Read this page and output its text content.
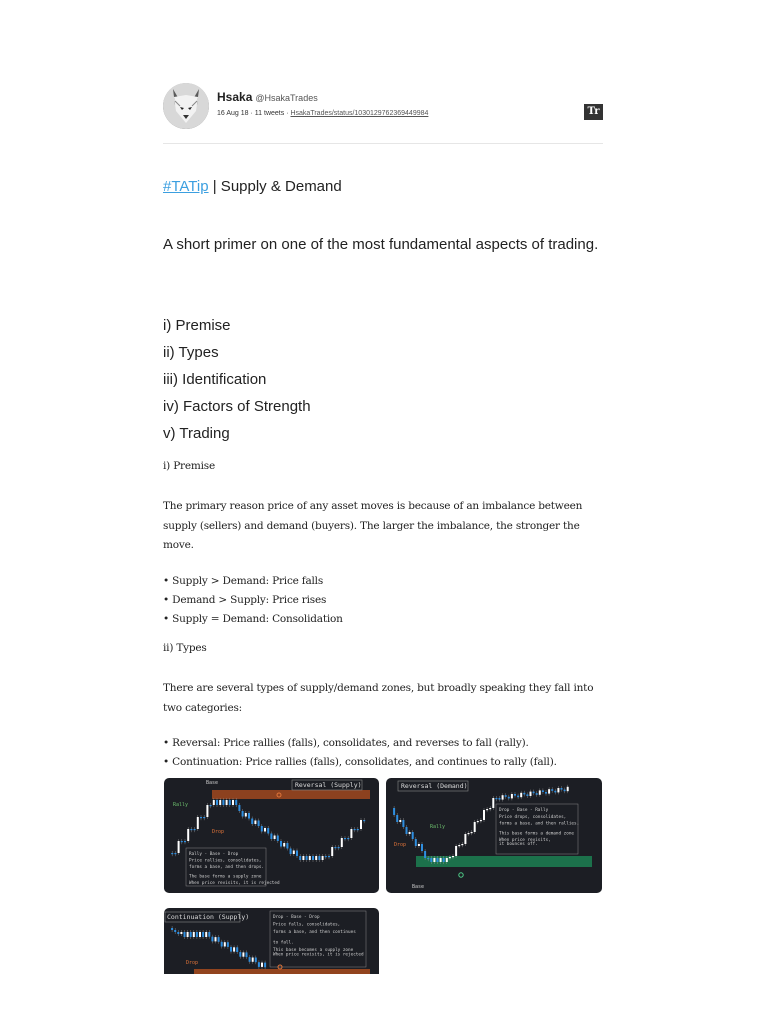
Hsaka @HsakaTrades
16 Aug 18 · 11 tweets · HsakaTrades/status/1030129762369449984	Tr
#TATip | Supply & Demand
A short primer on one of the most fundamental aspects of trading.
i) Premise
ii) Types
iii) Identification
iv) Factors of Strength
v) Trading
i) Premise
The primary reason price of any asset moves is because of an imbalance between supply (sellers) and demand (buyers). The larger the imbalance, the stronger the move.
• Supply > Demand: Price falls
• Demand > Supply: Price rises
• Supply = Demand: Consolidation
ii) Types
There are several types of supply/demand zones, but broadly speaking they fall into two categories:
• Reversal: Price rallies (falls), consolidates, and reverses to fall (rally).
• Continuation: Price rallies (falls), consolidates, and continues to rally (fall).
Reversal (Supply)
Base
Rally
Drop
Rally - Base - Drop
Price rallies, consolidates,
forms a base, and then drops.
The base forms a supply zone
When price revisits, it is rejected
Reversal (Demand)
Base
Drop
Rally
Drop - Base - Rally
Price drops, consolidates,
forms a base, and then rallies.
This base forms a demand zone
When price revisits,
it bounces off.
Continuation (Supply)
Drop
Drop - Base - Drop
Price falls, consolidates,
forms a base, and then continues
to fall.
This base becomes a supply zone
When price revisits, it is rejected
